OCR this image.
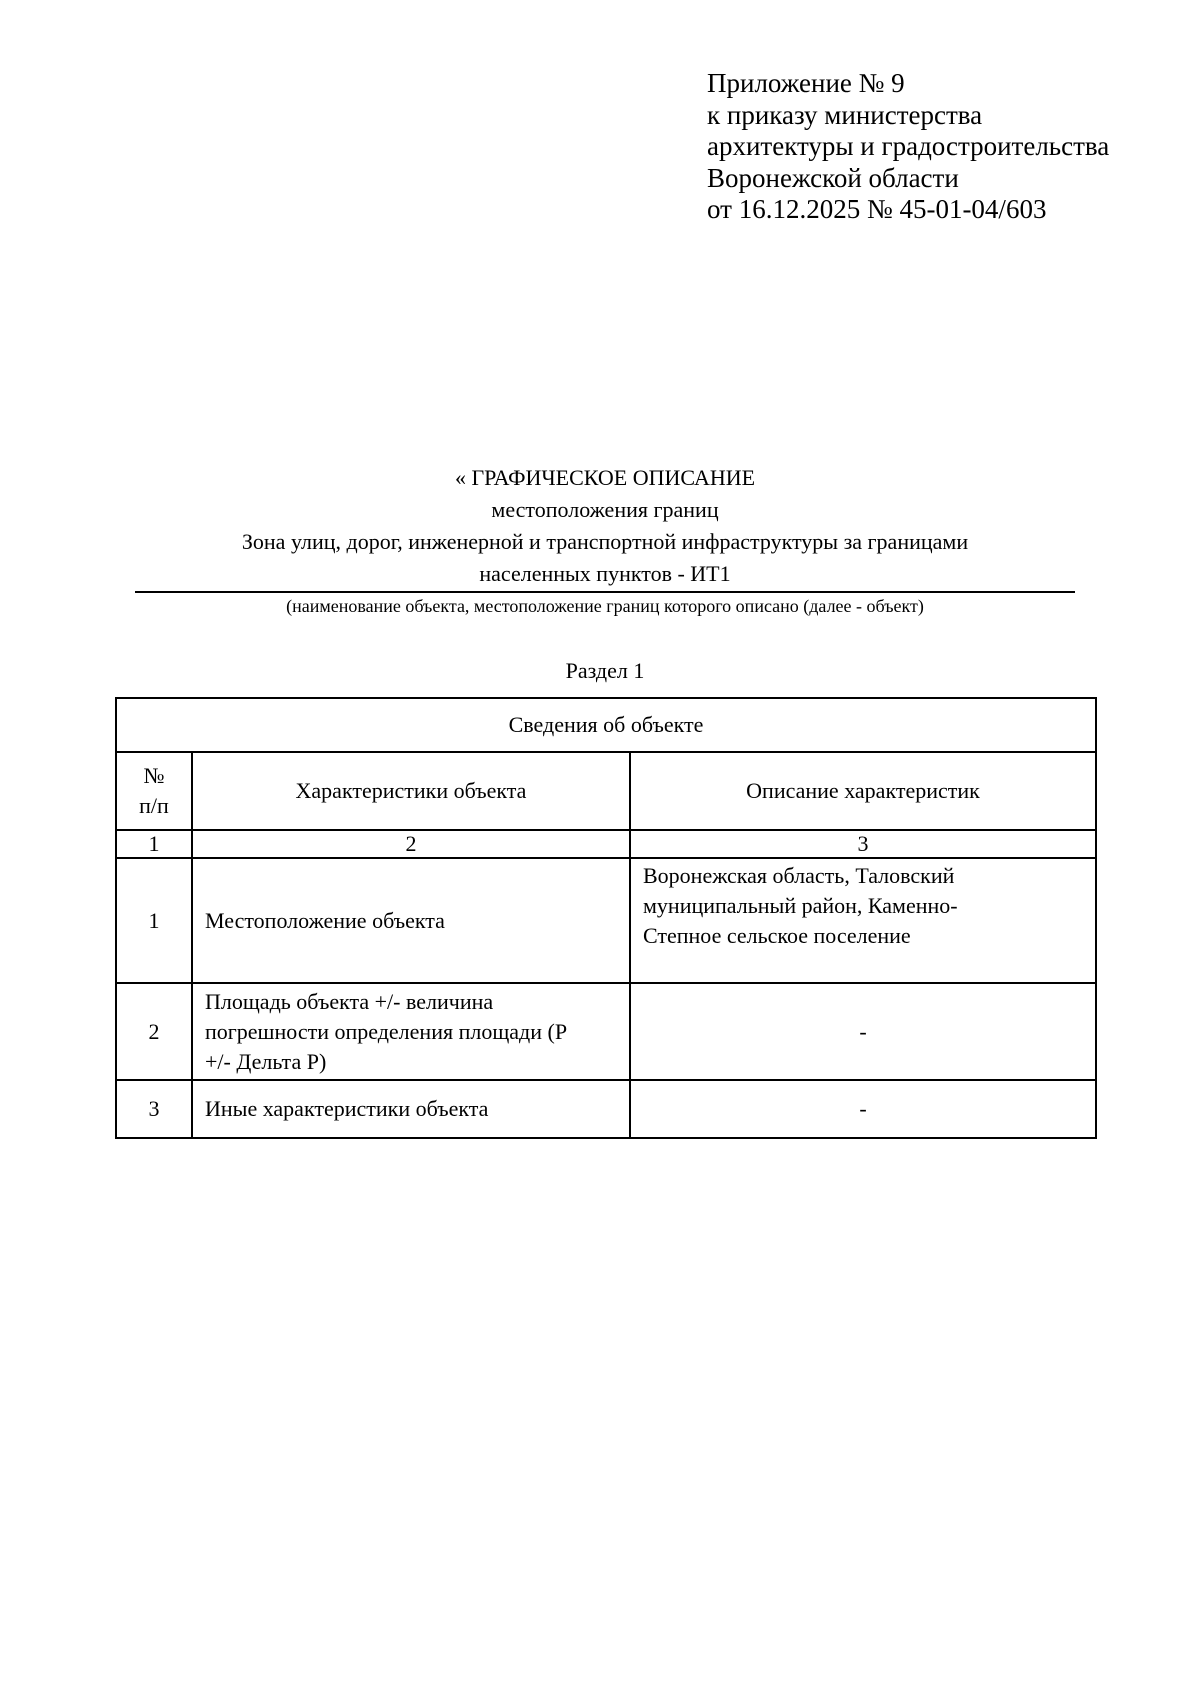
Приложение № 9
к приказу министерства
архитектуры и градостроительства
Воронежской области
от 16.12.2025 № 45-01-04/603
« ГРАФИЧЕСКОЕ ОПИСАНИЕ
местоположения границ
Зона улиц, дорог, инженерной и транспортной инфраструктуры за границами
населенных пунктов - ИТ1
(наименование объекта, местоположение границ которого описано (далее - объект)
Раздел 1
Сведения об объекте		

№
п/п	Характеристики объекта	Описание характеристик
1	2	3
1	Местоположение объекта	Воронежская область, Таловский
муниципальный район, Каменно-
Степное сельское поселение

2	Площадь объекта +/- величина
погрешности определения площади (Р
+/- Дельта Р)	-
3	Иные характеристики объекта	-
